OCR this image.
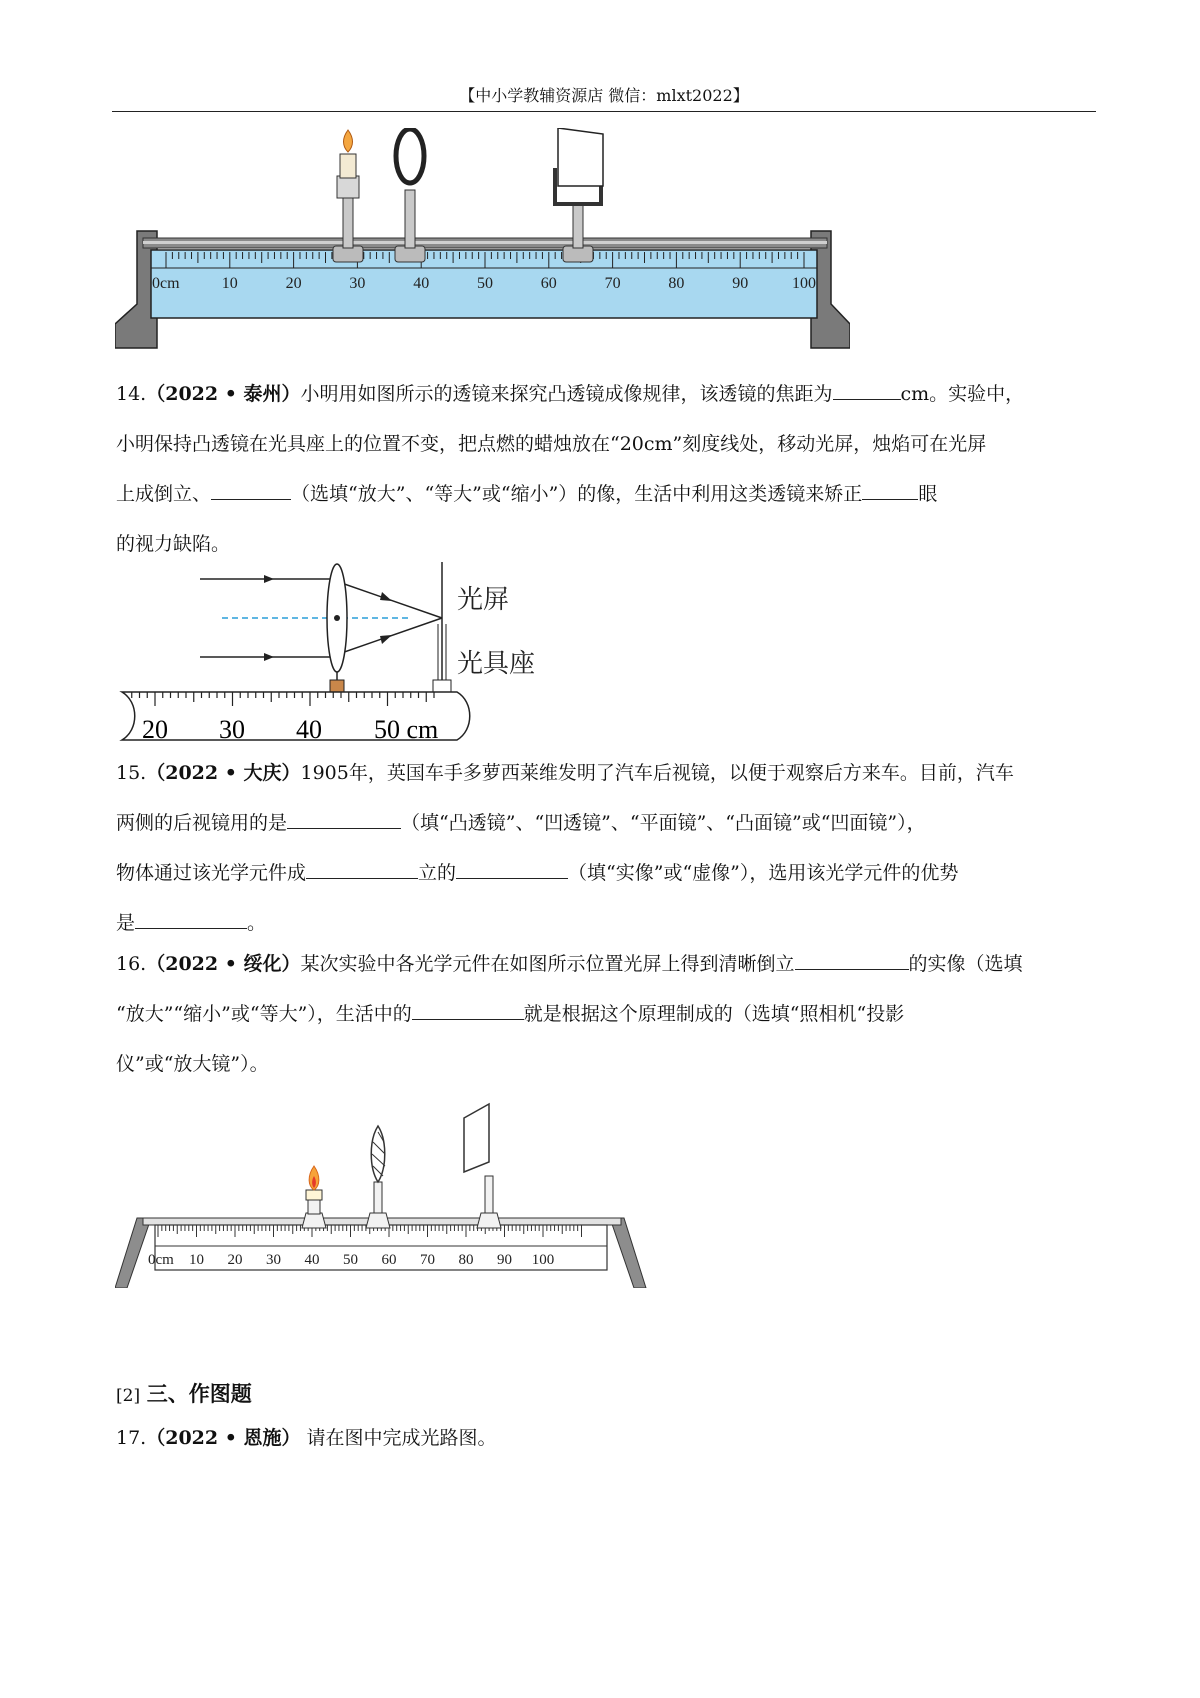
【中小学教辅资源店 微信：mlxt2022】
0cm	10	20	30	40	50	60	70	80	90	100
14.（2022 • 泰州）小明用如图所示的透镜来探究凸透镜成像规律，该透镜的焦距为	cm。实验中，
小明保持凸透镜在光具座上的位置不变，把点燃的蜡烛放在“20cm”刻度线处，移动光屏，烛焰可在光屏
上成倒立、	（选填“放大”、“等大”或“缩小”）的像，生活中利用这类透镜来矫正	眼
的视力缺陷。
光屏
光具座
20 30 40 50 cm
15.（2022 • 大庆）1905年，英国车手多萝西莱维发明了汽车后视镜，以便于观察后方来车。目前，汽车
两侧的后视镜用的是	（填“凸透镜”、“凹透镜”、“平面镜”、“凸面镜”或“凹面镜”），
物体通过该光学元件成	立的	（填“实像”或“虚像”），选用该光学元件的优势
是	。
16.（2022 • 绥化）某次实验中各光学元件在如图所示位置光屏上得到清晰倒立	的实像（选填
“放大”“缩小”或“等大”），生活中的	就是根据这个原理制成的（选填“照相机“投影
仪”或“放大镜”）。
0cm 10 20 30 40 50 60 70 80 90 100
[2] 三、作图题
17.（2022 • 恩施） 请在图中完成光路图。
